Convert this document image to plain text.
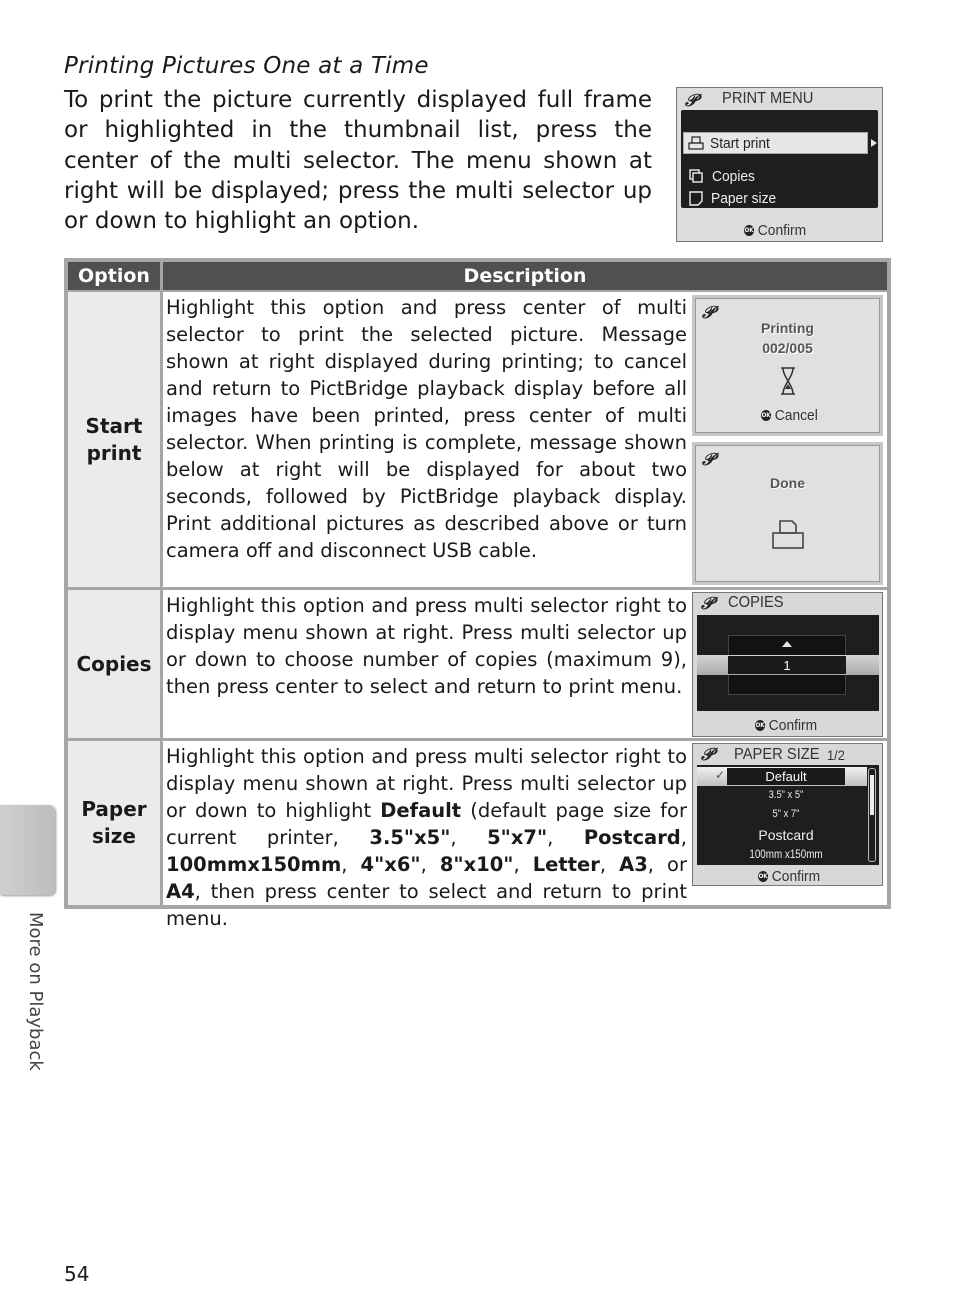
Printing Pictures One at a Time

To print the picture currently displayed full frame or highlighted in the thumbnail list, press the center of the multi selector. The menu shown at right will be displayed; press the multi selector up or down to highlight an option.

𝒫 PRINT MENU
Start print
Copies
Paper size
OK Confirm
Option	Description
Start
print

Highlight this option and press center of multi selector to print the selected picture. Message shown at right displayed during printing; to cancel and return to PictBridge playback display before all images have been printed, press center of multi selector. When printing is complete, message shown below at right will be displayed for about two seconds, followed by PictBridge playback display. Print additional pictures as described above or turn camera off and disconnect USB cable.

Copies

Highlight this option and press multi selector right to display menu shown at right. Press multi selector up or down to choose number of copies (maximum 9), then press center to select and return to print menu.

Paper
size

Highlight this option and press multi selector right to display menu shown at right. Press multi selector up or down to highlight Default (default page size for current printer, 3.5"x5", 5"x7", Postcard, 100mmx150mm, 4"x6", 8"x10", Letter, A3, or A4, then press center to select and return to print menu.

𝒫
Printing
002/005
OK Cancel
𝒫
Done
𝒫 COPIES
1
OK Confirm
𝒫 PAPER SIZE 1/2
✓	Default
3.5" x 5"
5" x 7"
Postcard
100mm x150mm
OK Confirm
More on Playback
54
